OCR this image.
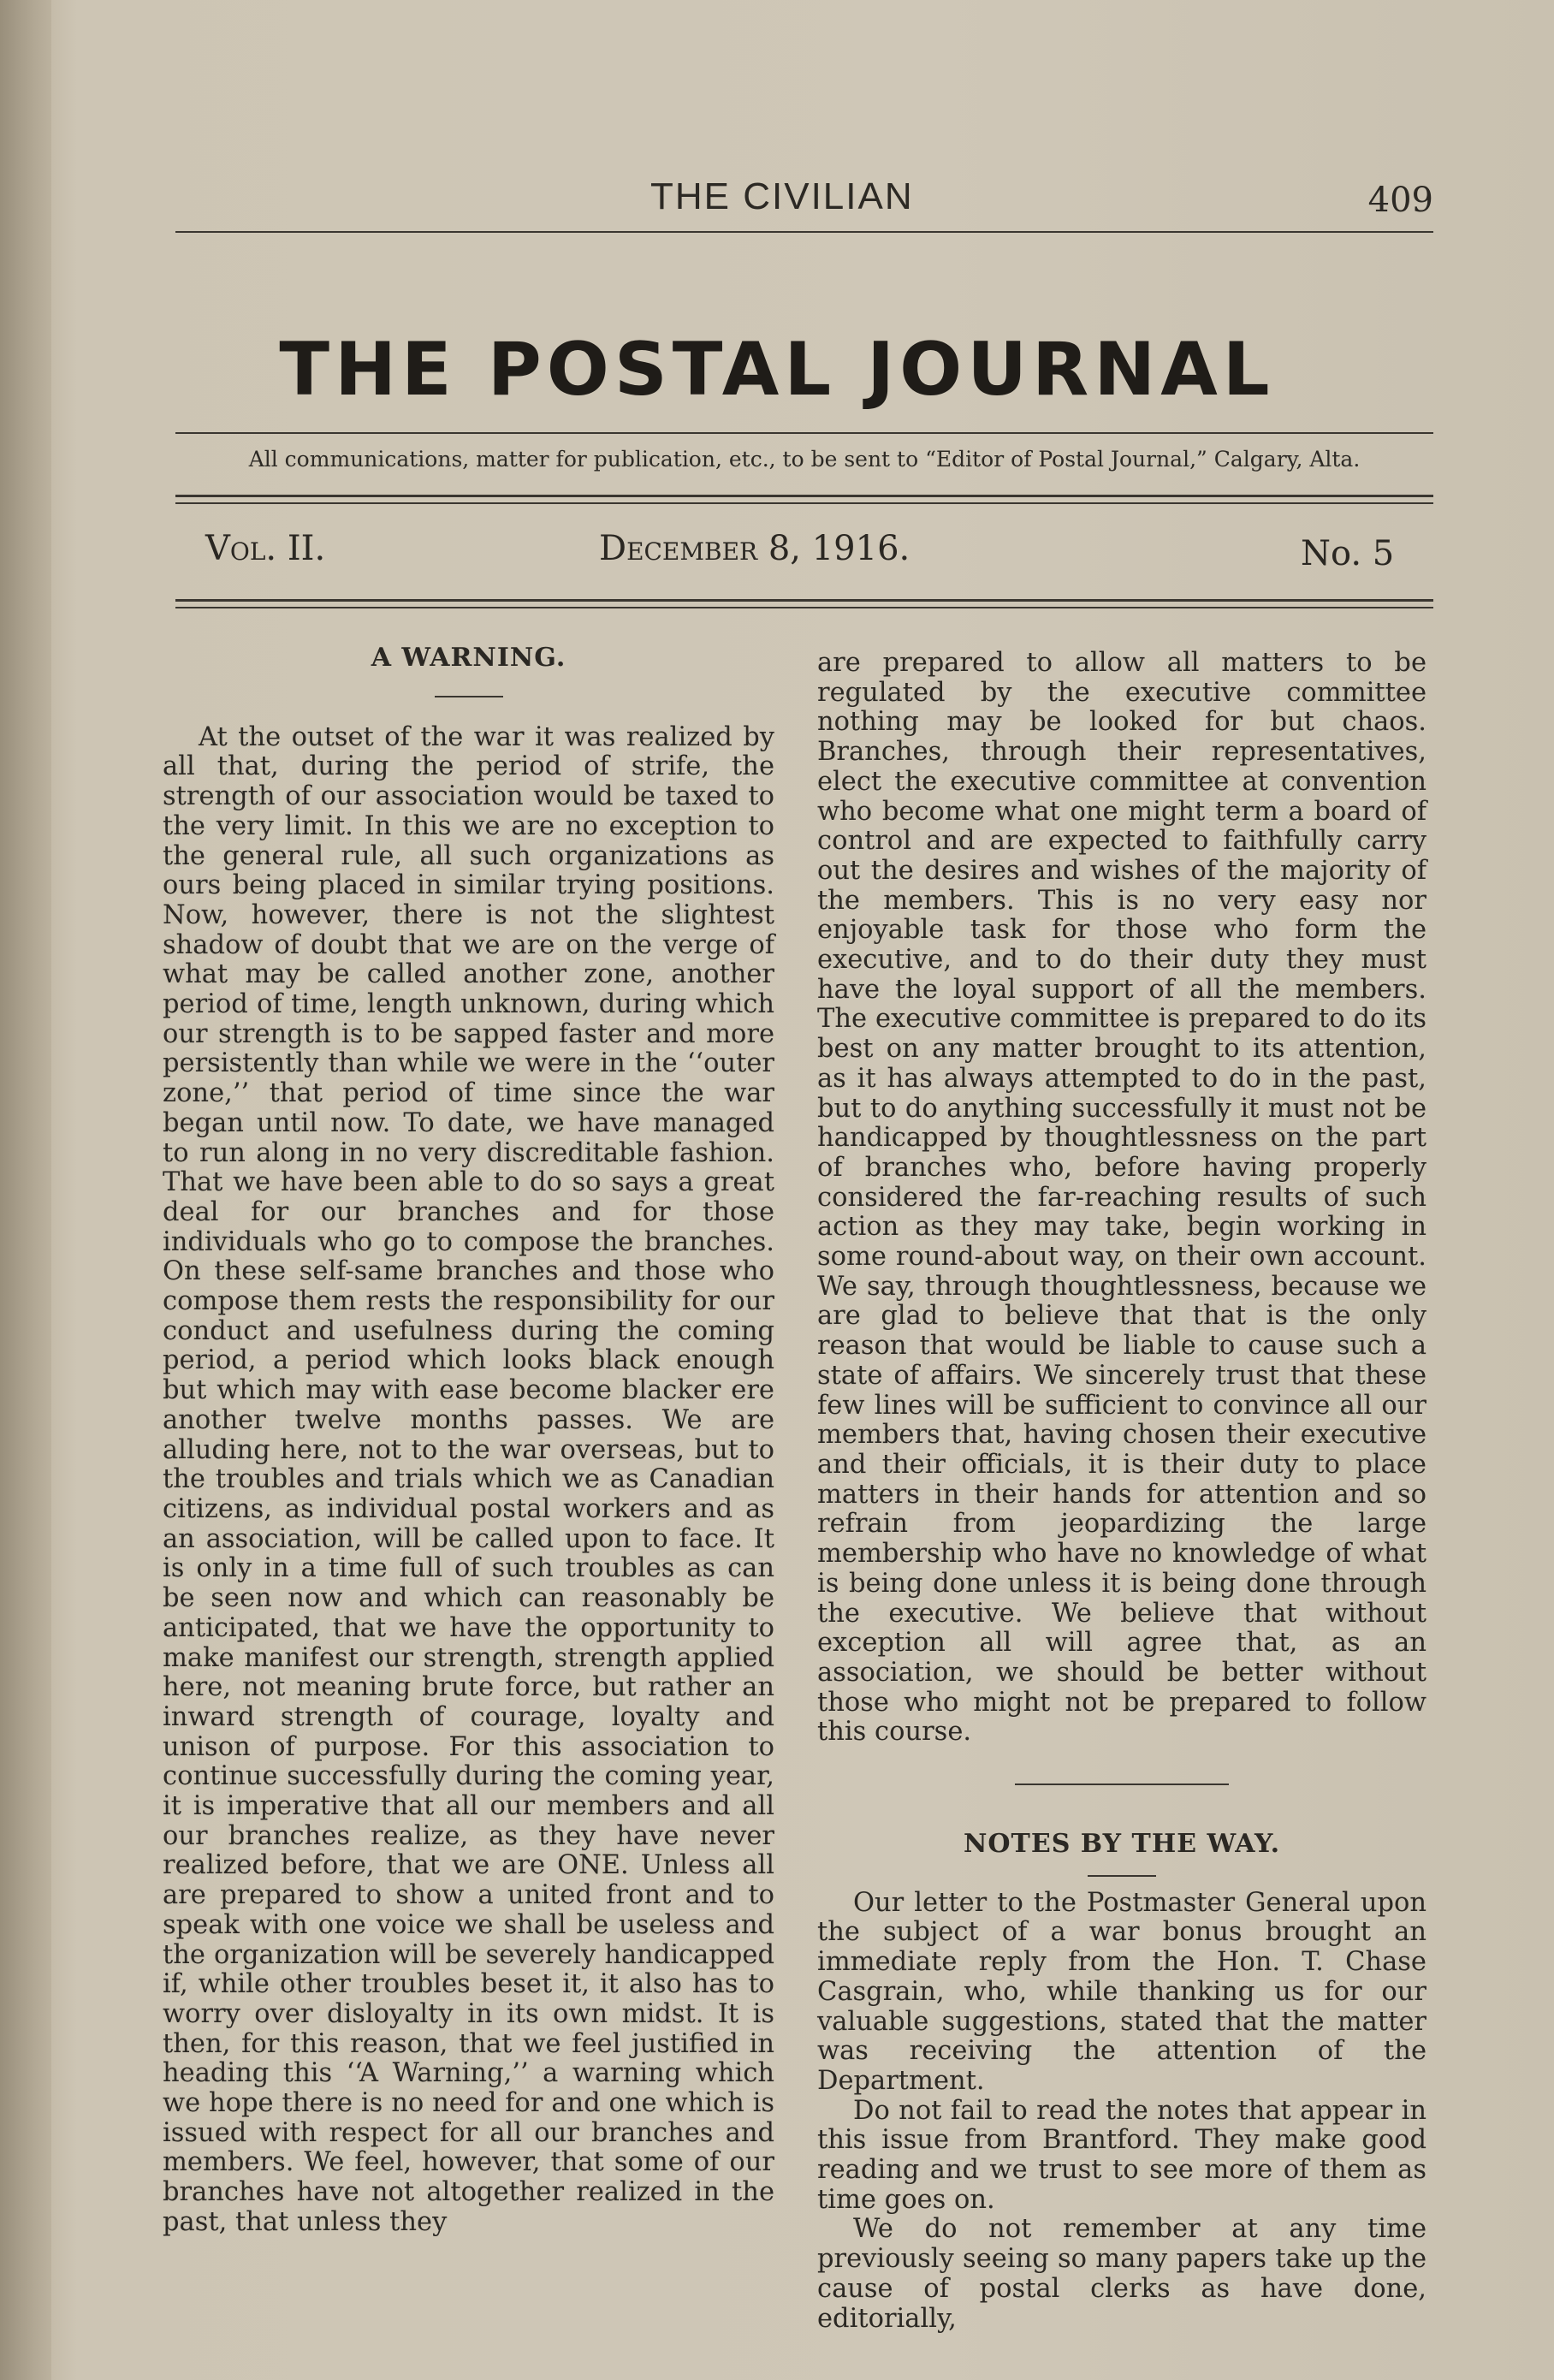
THE CIVILIAN	409
THE POSTAL JOURNAL
All communications, matter for publication, etc., to be sent to “Editor of Postal Journal,” Calgary, Alta.
Vol. II.	December 8, 1916.	No. 5
A WARNING.

At the outset of the war it was realized by all that, during the period of strife, the strength of our association would be taxed to the very limit. In this we are no exception to the general rule, all such organizations as ours being placed in similar trying positions. Now, however, there is not the slightest shadow of doubt that we are on the verge of what may be called another zone, another period of time, length unknown, during which our strength is to be sapped faster and more persistently than while we were in the ‘‘outer zone,’’ that period of time since the war began until now. To date, we have managed to run along in no very discreditable fashion. That we have been able to do so says a great deal for our branches and for those individuals who go to compose the branches. On these self-same branches and those who compose them rests the responsibility for our conduct and usefulness during the coming period, a period which looks black enough but which may with ease become blacker ere another twelve months passes. We are alluding here, not to the war overseas, but to the troubles and trials which we as Canadian citizens, as individual postal workers and as an association, will be called upon to face. It is only in a time full of such troubles as can be seen now and which can reasonably be anticipated, that we have the opportunity to make manifest our strength, strength applied here, not meaning brute force, but rather an inward strength of courage, loyalty and unison of purpose. For this association to continue successfully during the coming year, it is imperative that all our members and all our branches realize, as they have never realized before, that we are ONE. Unless all are prepared to show a united front and to speak with one voice we shall be useless and the organization will be severely handicapped if, while other troubles beset it, it also has to worry over disloyalty in its own midst. It is then, for this reason, that we feel justified in heading this ‘‘A Warning,’’ a warning which we hope there is no need for and one which is issued with respect for all our branches and members. We feel, however, that some of our branches have not altogether realized in the past, that unless they

are prepared to allow all matters to be regulated by the executive committee nothing may be looked for but chaos. Branches, through their representatives, elect the executive committee at convention who become what one might term a board of control and are expected to faithfully carry out the desires and wishes of the majority of the members. This is no very easy nor enjoyable task for those who form the executive, and to do their duty they must have the loyal support of all the members. The executive committee is prepared to do its best on any matter brought to its attention, as it has always attempted to do in the past, but to do anything successfully it must not be handicapped by thoughtlessness on the part of branches who, before having properly considered the far-reaching results of such action as they may take, begin working in some round-about way, on their own account. We say, through thoughtlessness, because we are glad to believe that that is the only reason that would be liable to cause such a state of affairs. We sincerely trust that these few lines will be sufficient to convince all our members that, having chosen their executive and their officials, it is their duty to place matters in their hands for attention and so refrain from jeopardizing the large membership who have no knowledge of what is being done unless it is being done through the executive. We believe that without exception all will agree that, as an association, we should be better without those who might not be prepared to follow this course.

NOTES BY THE WAY.

Our letter to the Postmaster General upon the subject of a war bonus brought an immediate reply from the Hon. T. Chase Casgrain, who, while thanking us for our valuable suggestions, stated that the matter was receiving the attention of the Department.

Do not fail to read the notes that appear in this issue from Brantford. They make good reading and we trust to see more of them as time goes on.

We do not remember at any time previously seeing so many papers take up the cause of postal clerks as have done, editorially,
